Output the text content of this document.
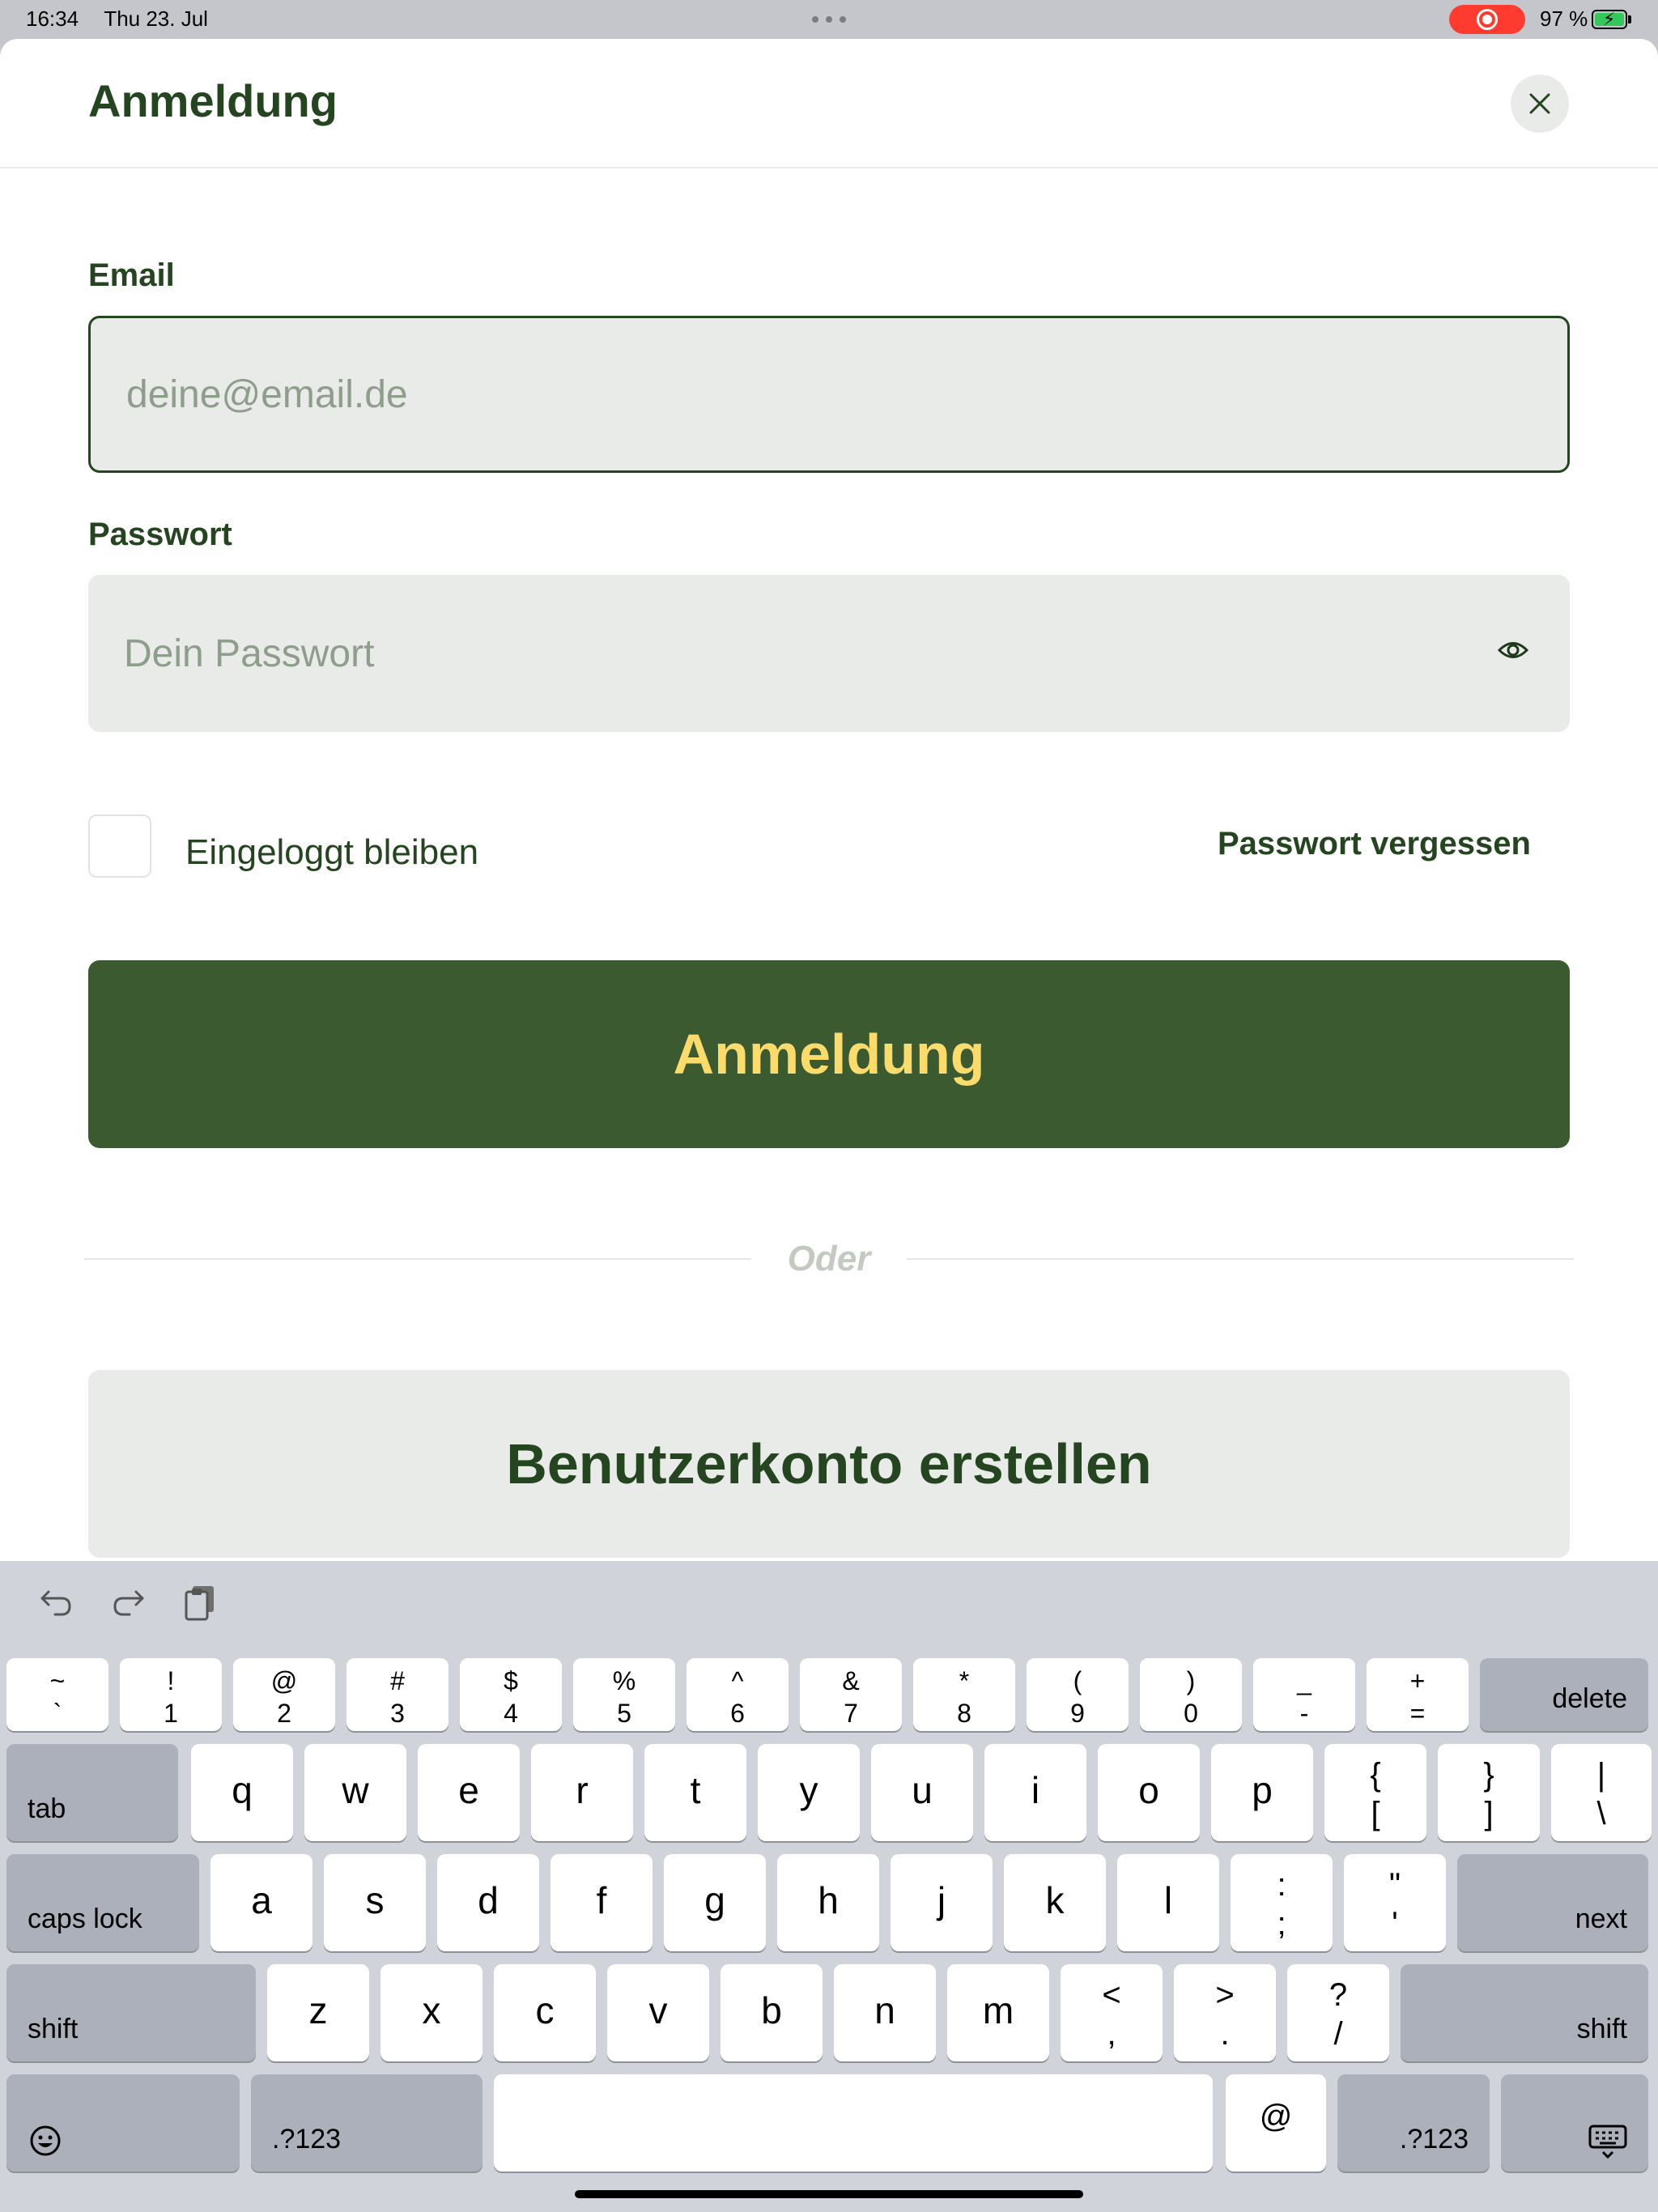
16:34 Thu 23. Jul	97 % ⚡
Anmeldung
Email
deine@email.de
Passwort
Dein Passwort
Eingeloggt bleiben	Passwort vergessen
Anmeldung
Oder
Benutzerkonto erstellen
~
`
!
1
@
2
#
3
$
4
%
5
^
6
&
7
*
8
(
9
)
0
_
-
+
=	delete
tab	q	w	e	r	t	y	u	i	o	p	{
[
}
]
|
\
caps lock	a	s	d	f	g	h	j	k	l	:
;
"
'	next
shift	z	x	c	v	b	n	m	<
,
>
.
?
/	shift
.?123
@
.?123
